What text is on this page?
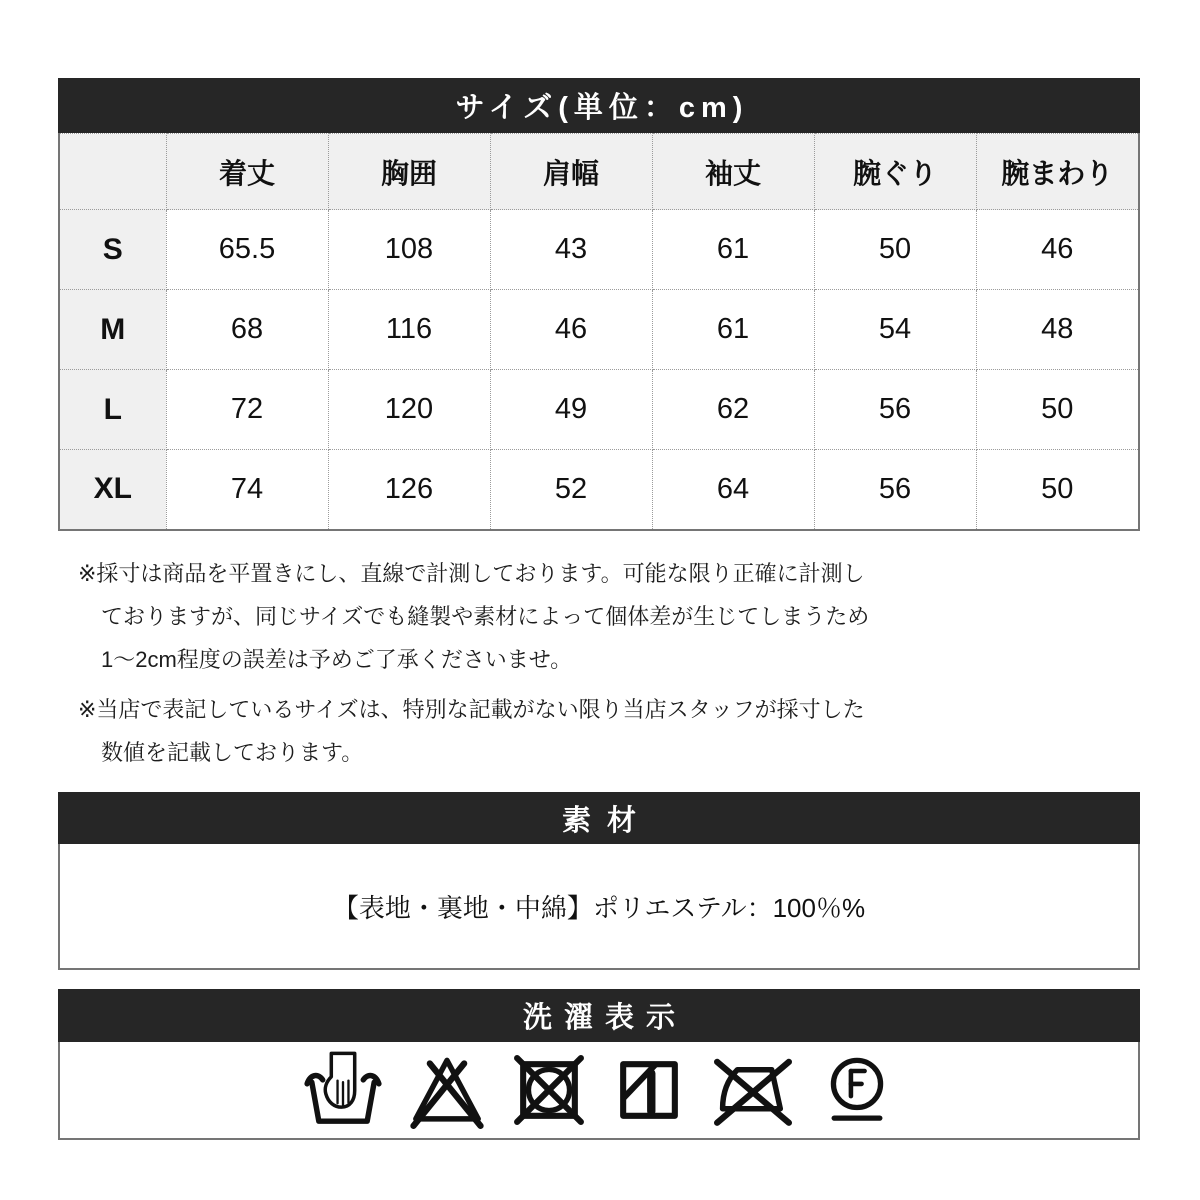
サイズ(単位：cm)
	着丈	胸囲	肩幅	袖丈	腕ぐり	腕まわり
S	65.5	108	43	61	50	46
M	68	116	46	61	54	48
L	72	120	49	62	56	50
XL	74	126	52	64	56	50
※採寸は商品を平置きにし、直線で計測しております。可能な限り正確に計測し
ておりますが、同じサイズでも縫製や素材によって個体差が生じてしまうため
1〜2cm程度の誤差は予めご了承くださいませ。
※当店で表記しているサイズは、特別な記載がない限り当店スタッフが採寸した
数値を記載しております。
素材
【表地・裏地・中綿】ポリエステル：100％%
洗濯表示
